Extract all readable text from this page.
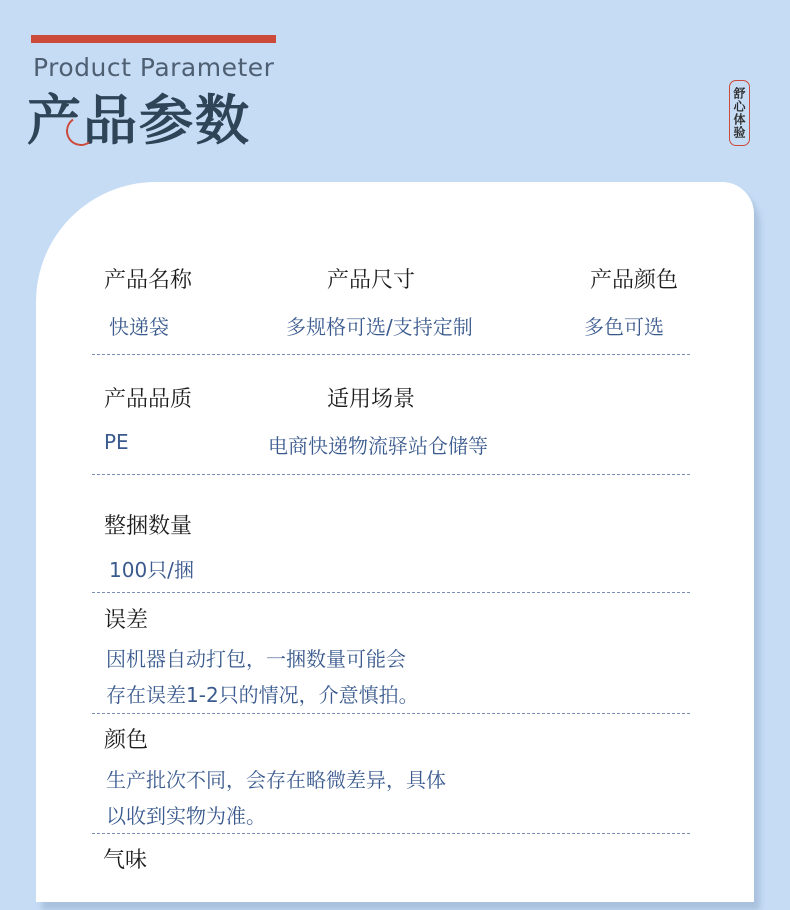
Product Parameter
产品参数	舒心体验
产品名称	产品尺寸	产品颜色
快递袋	多规格可选/支持定制	多色可选
产品品质	适用场景
PE	电商快递物流驿站仓储等
整捆数量
100只/捆
误差
因机器自动打包，一捆数量可能会
存在误差1-2只的情况，介意慎拍。
颜色
生产批次不同，会存在略微差异，具体
以收到实物为准。
气味
